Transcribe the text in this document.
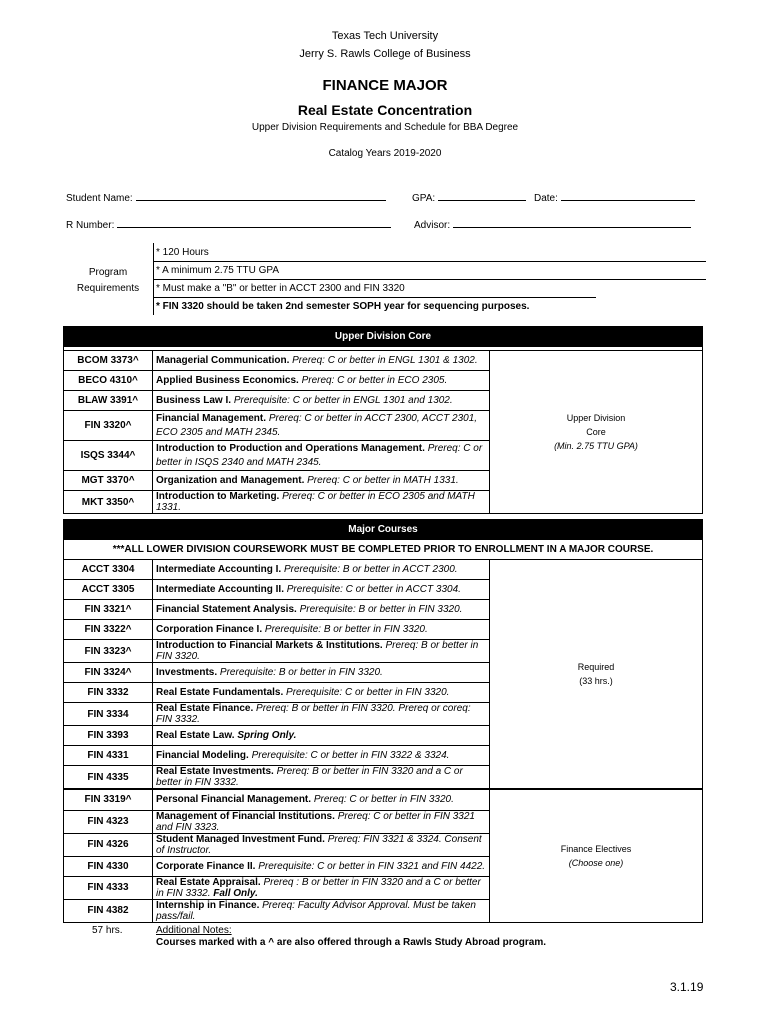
Texas Tech University
Jerry S. Rawls College of Business
FINANCE MAJOR
Real Estate Concentration
Upper Division Requirements and Schedule for BBA Degree
Catalog Years 2019-2020
Student Name:	GPA:	Date:
R Number:	Advisor:
Program
Requirements
* 120 Hours
* A minimum 2.75 TTU GPA
* Must make a "B" or better in ACCT 2300 and FIN 3320
* FIN 3320 should be taken 2nd semester SOPH year for sequencing purposes.
Upper Division Core		

BCOM 3373^	Managerial Communication. Prereq: C or better in ENGL 1301 & 1302.	Upper Division
Core
(Min. 2.75 TTU GPA)

BECO 4310^	Applied Business Economics. Prereq: C or better in ECO 2305.	
BLAW 3391^	Business Law I. Prerequisite: C or better in ENGL 1301 and 1302.	
FIN 3320^	Financial Management. Prereq: C or better in ACCT 2300, ACCT 2301, ECO 2305 and MATH 2345.	
ISQS 3344^	Introduction to Production and Operations Management. Prereq: C or better in ISQS 2340 and MATH 2345.	
MGT 3370^	Organization and Management. Prereq: C or better in MATH 1331.	
MKT 3350^	Introduction to Marketing. Prereq: C or better in ECO 2305 and MATH 1331.	
Major Courses		
***ALL LOWER DIVISION COURSEWORK MUST BE COMPLETED PRIOR TO ENROLLMENT IN A MAJOR COURSE.		
ACCT 3304	Intermediate Accounting I. Prerequisite: B or better in ACCT 2300.	Required
(33 hrs.)

ACCT 3305	Intermediate Accounting II. Prerequisite: C or better in ACCT 3304.	
FIN 3321^	Financial Statement Analysis. Prerequisite: B or better in FIN 3320.	
FIN 3322^	Corporation Finance I. Prerequisite: B or better in FIN 3320.	
FIN 3323^	Introduction to Financial Markets & Institutions. Prereq: B or better in FIN 3320.	
FIN 3324^	Investments. Prerequisite: B or better in FIN 3320.	
FIN 3332	Real Estate Fundamentals. Prerequisite: C or better in FIN 3320.	
FIN 3334	Real Estate Finance. Prereq: B or better in FIN 3320. Prereq or coreq: FIN 3332.	
FIN 3393	Real Estate Law. Spring Only.	
FIN 4331	Financial Modeling. Prerequisite: C or better in FIN 3322 & 3324.	
FIN 4335	Real Estate Investments. Prereq: B or better in FIN 3320 and a C or better in FIN 3332.	
FIN 3319^	Personal Financial Management. Prereq: C or better in FIN 3320.	Finance Electives
(Choose one)

FIN 4323	Management of Financial Institutions. Prereq: C or better in FIN 3321 and FIN 3323.	
FIN 4326	Student Managed Investment Fund. Prereq: FIN 3321 & 3324. Consent of Instructor.	
FIN 4330	Corporate Finance II. Prerequisite: C or better in FIN 3321 and FIN 4422.	
FIN 4333	Real Estate Appraisal. Prereq : B or better in FIN 3320 and a C or better in FIN 3332. Fall Only.	
FIN 4382	Internship in Finance. Prereq: Faculty Advisor Approval. Must be taken pass/fail.	
57 hrs.	Additional Notes:
Courses marked with a ^ are also offered through a Rawls Study Abroad program.
3.1.19
